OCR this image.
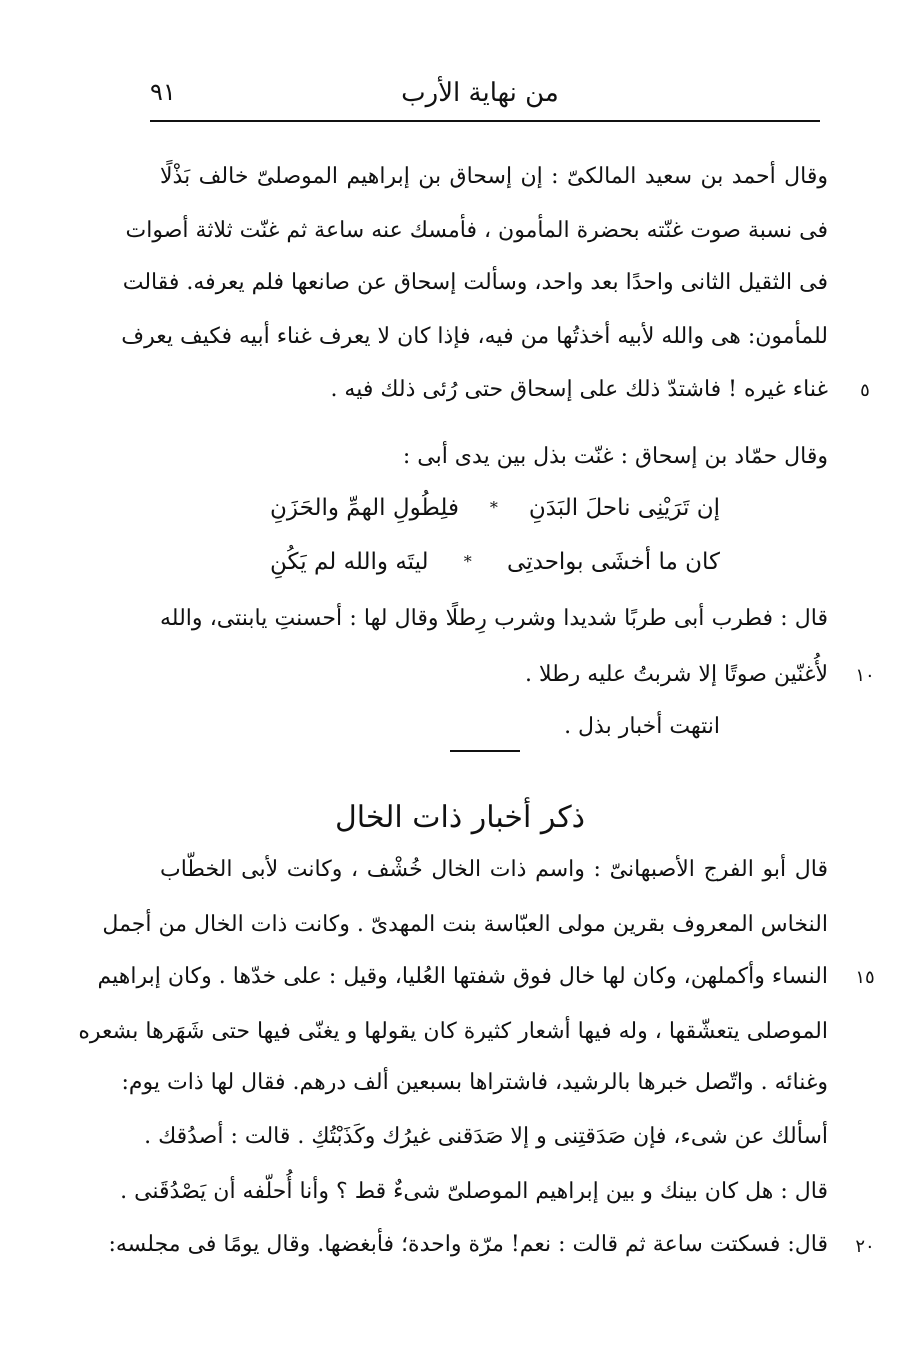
٩١	من نهاية الأرب
وقال أحمد بن سعيد المالكىّ : إن إسحاق بن إبراهيم الموصلىّ خالف بَذْلًا
فى نسبة صوت غنّته بحضرة المأمون ، فأمسك عنه ساعة ثم غنّت ثلاثة أصوات
فى الثقيل الثانى واحدًا بعد واحد، وسألت إسحاق عن صانعها فلم يعرفه. فقالت
للمأمون: هى والله لأبيه أخذتُها من فيه، فإذا كان لا يعرف غناء أبيه فكيف يعرف
غناء غيره ! فاشتدّ ذلك على إسحاق حتى رُئى ذلك فيه .	٥
وقال حمّاد بن إسحاق : غنّت بذل بين يدى أبى :
إن تَرَيْنِى ناحلَ البَدَنِ
*
فلِطُولِ الهمِّ والحَزَنِ
كان ما أخشَى بواحدتِى
*
ليتَه والله لم يَكُنِ
قال : فطرب أبى طربًا شديدا وشرب رِطلًا وقال لها : أحسنتِ يابنتى، والله
لأُغنّين صوتًا إلا شربتُ عليه رطلا . ١٠
انتهت أخبار بذل .
ذكر أخبار ذات الخال
قال أبو الفرج الأصبهانىّ : واسم ذات الخال خُشْف ، وكانت لأبى الخطّاب
النخاس المعروف بقرين مولى العبّاسة بنت المهدىّ . وكانت ذات الخال من أجمل
النساء وأكملهن، وكان لها خال فوق شفتها العُليا، وقيل : على خدّها . وكان إبراهيم ١٥
الموصلى يتعشّقها ، وله فيها أشعار كثيرة كان يقولها و يغنّى فيها حتى شَهَرها بشعره
وغنائه . واتّصل خبرها بالرشيد، فاشتراها بسبعين ألف درهم. فقال لها ذات يوم:
أسألك عن شىء، فإن صَدَقتِنى و إلا صَدَقنى غيرُك وكَذَبْتُكِ . قالت : أصدُقك .
قال : هل كان بينك و بين إبراهيم الموصلىّ شىءٌ قط ؟ وأنا أُحلّفه أن يَصْدُقَنى .
قال: فسكتت ساعة ثم قالت : نعم! مرّة واحدة؛ فأبغضها. وقال يومًا فى مجلسه: ٢٠
